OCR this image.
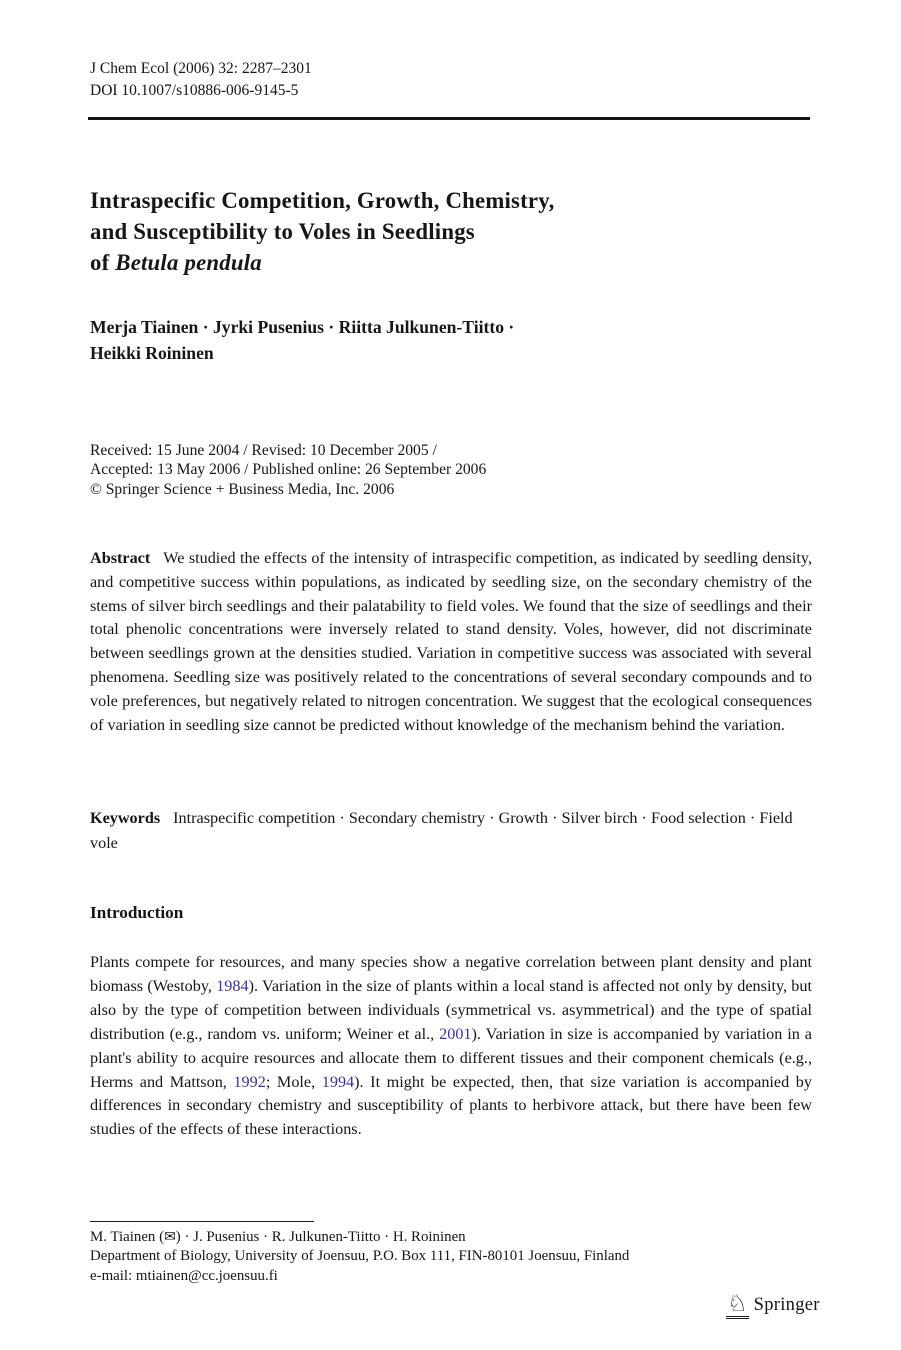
J Chem Ecol (2006) 32: 2287–2301
DOI 10.1007/s10886-006-9145-5
Intraspecific Competition, Growth, Chemistry,
and Susceptibility to Voles in Seedlings
of Betula pendula
Merja Tiainen · Jyrki Pusenius · Riitta Julkunen-Tiitto ·
Heikki Roininen
Received: 15 June 2004 / Revised: 10 December 2005 /
Accepted: 13 May 2006 / Published online: 26 September 2006
© Springer Science + Business Media, Inc. 2006
Abstract We studied the effects of the intensity of intraspecific competition, as indicated by seedling density, and competitive success within populations, as indicated by seedling size, on the secondary chemistry of the stems of silver birch seedlings and their palatability to field voles. We found that the size of seedlings and their total phenolic concentrations were inversely related to stand density. Voles, however, did not discriminate between seedlings grown at the densities studied. Variation in competitive success was associated with several phenomena. Seedling size was positively related to the concentrations of several secondary compounds and to vole preferences, but negatively related to nitrogen concentration. We suggest that the ecological consequences of variation in seedling size cannot be predicted without knowledge of the mechanism behind the variation.
Keywords Intraspecific competition · Secondary chemistry · Growth · Silver birch · Food selection · Field vole
Introduction
Plants compete for resources, and many species show a negative correlation between plant density and plant biomass (Westoby, 1984). Variation in the size of plants within a local stand is affected not only by density, but also by the type of competition between individuals (symmetrical vs. asymmetrical) and the type of spatial distribution (e.g., random vs. uniform; Weiner et al., 2001). Variation in size is accompanied by variation in a plant's ability to acquire resources and allocate them to different tissues and their component chemicals (e.g., Herms and Mattson, 1992; Mole, 1994). It might be expected, then, that size variation is accompanied by differences in secondary chemistry and susceptibility of plants to herbivore attack, but there have been few studies of the effects of these interactions.
M. Tiainen (✉) · J. Pusenius · R. Julkunen-Tiitto · H. Roininen
Department of Biology, University of Joensuu, P.O. Box 111, FIN-80101 Joensuu, Finland
e-mail: mtiainen@cc.joensuu.fi
♘ Springer
